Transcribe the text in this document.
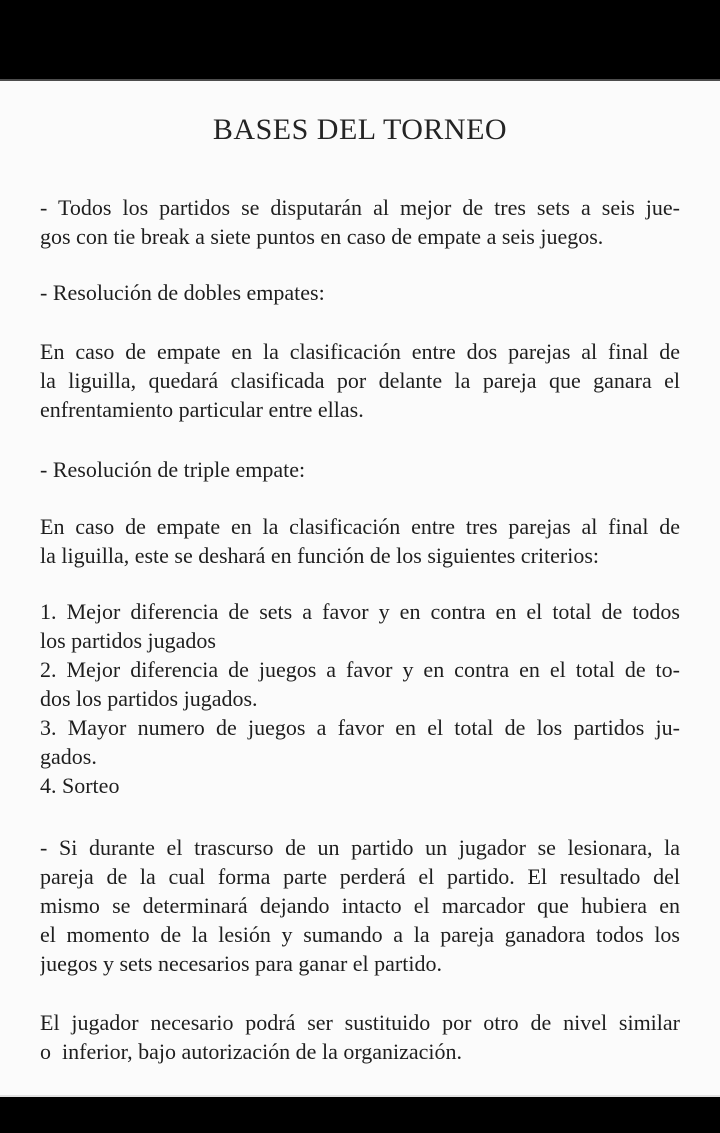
BASES DEL TORNEO
- Todos los partidos se disputarán al mejor de tres sets a seis jue-
gos con tie break a siete puntos en caso de empate a seis juegos.
- Resolución de dobles empates:
En caso de empate en la clasificación entre dos parejas al final de
la liguilla, quedará clasificada por delante la pareja que ganara el
enfrentamiento particular entre ellas.
- Resolución de triple empate:
En caso de empate en la clasificación entre tres parejas al final de
la liguilla, este se deshará en función de los siguientes criterios:
1. Mejor diferencia de sets a favor y en contra en el total de todos
los partidos jugados
2. Mejor diferencia de juegos a favor y en contra en el total de to-
dos los partidos jugados.
3. Mayor numero de juegos a favor en el total de los partidos ju-
gados.
4. Sorteo
- Si durante el trascurso de un partido un jugador se lesionara, la
pareja de la cual forma parte perderá el partido. El resultado del
mismo se determinará dejando intacto el marcador que hubiera en
el momento de la lesión y sumando a la pareja ganadora todos los
juegos y sets necesarios para ganar el partido.
El jugador necesario podrá ser sustituido por otro de nivel similar
o  inferior, bajo autorización de la organización.
